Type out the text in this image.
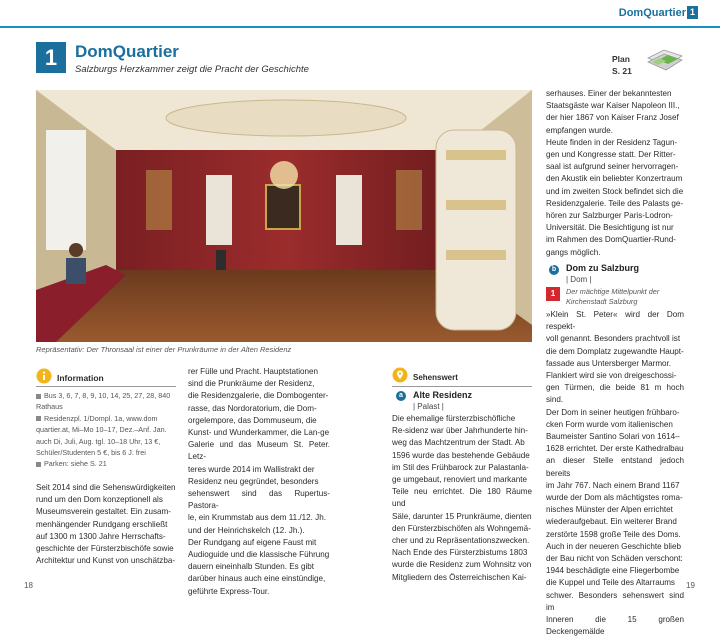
DomQuartier 1
1	DomQuartier
Salzburgs Herzkammer zeigt die Pracht der Geschichte
Plan
S. 21
Repräsentativ: Der Thronsaal ist einer der Prunkräume in der Alten Residenz
Information
Bus 3, 6, 7, 8, 9, 10, 14, 25, 27, 28, 840
Rathaus
Residenzpl. 1/Dompl. 1a, www.dom
quartier.at, Mi–Mo 10–17, Dez.–Anf. Jan.
auch Di, Juli, Aug. tgl. 10–18 Uhr, 13 €,
Schüler/Studenten 5 €, bis 6 J. frei
Parken: siehe S. 21
Seit 2014 sind die Sehenswürdigkeiten
rund um den Dom konzeptionell als
Museumsverein gestaltet. Ein zusam-
menhängender Rundgang erschließt
auf 1300 m 1300 Jahre Herrschafts-
geschichte der Fürsterzbischöfe sowie
Architektur und Kunst von unschätzba-
rer Fülle und Pracht. Hauptstationen
sind die Prunkräume der Residenz,
die Residenzgalerie, die Dombogenter-
rasse, das Nordoratorium, die Dom-
orgelempore, das Dommuseum, die
Kunst- und Wunderkammer, die Lan-ge
Galerie und das Museum St. Peter. Letz-
teres wurde 2014 im Wallistrakt der
Residenz neu gegründet, besonders
sehenswert sind das Rupertus-Pastora-
le, ein Krummstab aus dem 11./12. Jh.
und der Heinrichskelch (12. Jh.).
Der Rundgang auf eigene Faust mit
Audioguide und die klassische Führung
dauern eineinhalb Stunden. Es gibt
darüber hinaus auch eine einstündige,
geführte Express-Tour.
Sehenswert
a	Alte Residenz
| Palast |
Die ehemalige fürsterzbischöfliche
Re-sidenz war über Jahrhunderte hin-
weg das Machtzentrum der Stadt. Ab
1596 wurde das bestehende Gebäude
im Stil des Frühbarock zur Palastanla-
ge umgebaut, renoviert und markante
Teile neu errichtet. Die 180 Räume und
Säle, darunter 15 Prunkräume, dienten
den Fürsterzbischöfen als Wohngemä-
cher und zu Repräsentationszwecken.
Nach Ende des Fürsterzbistums 1803
wurde die Residenz zum Wohnsitz von
Mitgliedern des Österreichischen Kai-
serhauses. Einer der bekanntesten
Staatsgäste war Kaiser Napoleon III.,
der hier 1867 von Kaiser Franz Josef
empfangen wurde.
Heute finden in der Residenz Tagun-
gen und Kongresse statt. Der Ritter-
saal ist aufgrund seiner hervorragen-
den Akustik ein beliebter Konzertraum
und im zweiten Stock befindet sich die
Residenzgalerie. Teile des Palasts ge-
hören zur Salzburger Paris-Lodron-
Universität. Die Besichtigung ist nur
im Rahmen des DomQuartier-Rund-
gangs möglich.
b	Dom zu Salzburg
| Dom |
1	Der mächtige Mittelpunkt der
Kirchenstadt Salzburg
»Klein St. Peter« wird der Dom respekt-
voll genannt. Besonders prachtvoll ist
die dem Domplatz zugewandte Haupt-
fassade aus Untersberger Marmor.
Flankiert wird sie von dreigeschossi-
gen Türmen, die beide 81 m hoch sind.
Der Dom in seiner heutigen frühbaro-
cken Form wurde vom italienischen
Baumeister Santino Solari von 1614–
1628 errichtet. Der erste Kathedralbau
an dieser Stelle entstand jedoch bereits
im Jahr 767. Nach einem Brand 1167
wurde der Dom als mächtigstes roma-
nisches Münster der Alpen errichtet
wiederaufgebaut. Ein weiterer Brand
zerstörte 1598 große Teile des Doms.
Auch in der neueren Geschichte blieb
der Bau nicht von Schäden verschont:
1944 beschädigte eine Fliegerbombe
die Kuppel und Teile des Altarraums
schwer. Besonders sehenswert sind im
Inneren die 15 großen Deckengemälde
18	19
